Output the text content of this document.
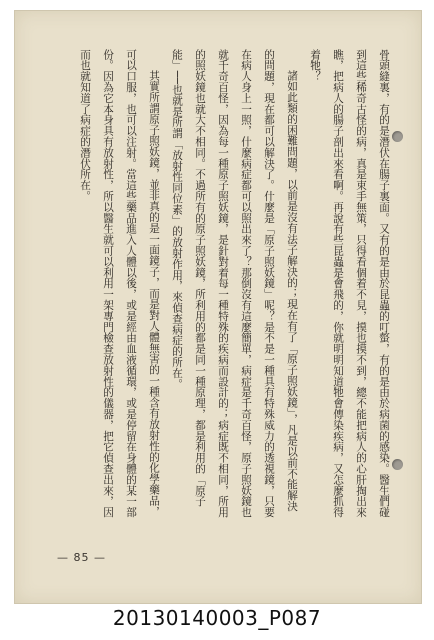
骨頭縫裏，有的是潛伏在腸子裏面。又有的是由於昆蟲的叮螫，有的是由於病菌的感染。醫生們碰到這些稀奇古怪的病，真是束手無策，只得看個着不見，摸也摸不到，總不能把病人的心肝掏出來瞧，把病人的腸子剖出來看啊。再說有些昆蟲是會飛的，你就明明知道牠會傳染疾病，又怎麼抓得着牠？

諸如此類的困難問題，以前是沒有法子解決的；現在有了「原子照妖鏡」，凡是以前不能解決的問題，現在都可以解決了。什麼是「原子照妖鏡」呢？是不是一種具有特殊威力的透視鏡，只要在病人身上一照，什麼病症都可以照出來了？那倒沒有這麼簡單，病症是千奇百怪，原子照妖鏡也就千奇百怪，因為每一種原子照妖鏡，是針對着每一種特殊的疾病而設計的；病症既不相同，所用的照妖鏡也就大不相同。不過所有的原子照妖鏡，所利用的都是同一種原理，都是利用的「原子能」──也就是所謂「放射性同位素」的放射作用，來偵查病症的所在。

其實所謂原子照妖鏡，並非真的是一面鏡子，而是對人體無害的一種含有放射性的化學藥品，可以口服，也可以注射。當這些藥品進入人體以後，或是經由血液循環，或是停留在身體的某一部份。因為它本身具有放射性，所以醫生就可以利用一架專門檢查放射性的儀器，把它偵查出來，因而也就知道了病症的潛伏所在。

— 85 —
20130140003_P087
